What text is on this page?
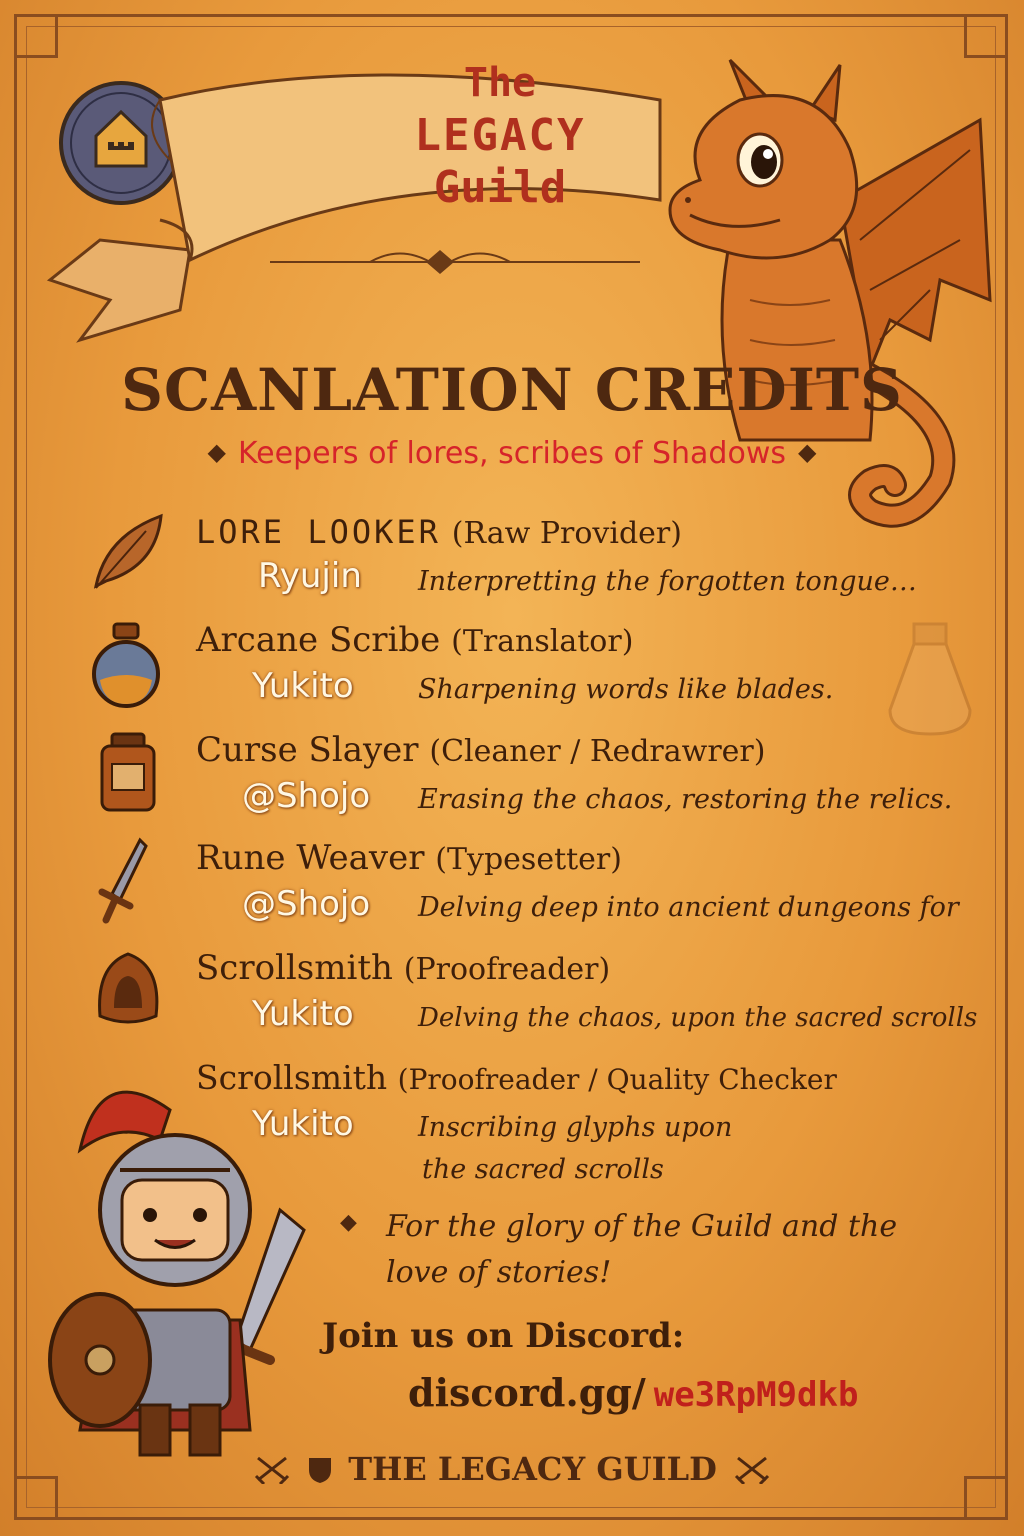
The
LEGACY
Guild
SCANLATION CREDITS
◆ Keepers of lores, scribes of Shadows ◆
LORE LOOKER (Raw Provider)
Ryujin Interpretting the forgotten tongue…
Arcane Scribe (Translator)
Yukito Sharpening words like blades.
Curse Slayer (Cleaner / Redrawrer)
@Shojo Erasing the chaos, restoring the relics.
Rune Weaver (Typesetter)
@Shojo Delving deep into ancient dungeons for
Scrollsmith (Proofreader)
Yukito Delving the chaos, upon the sacred scrolls
Scrollsmith (Proofreader / Quality Checker
Yukito Inscribing glyphs upon
the sacred scrolls
◆ For the glory of the Guild and the
love of stories!
Join us on Discord:
discord.gg/ we3RpM9dkb
THE LEGACY GUILD
